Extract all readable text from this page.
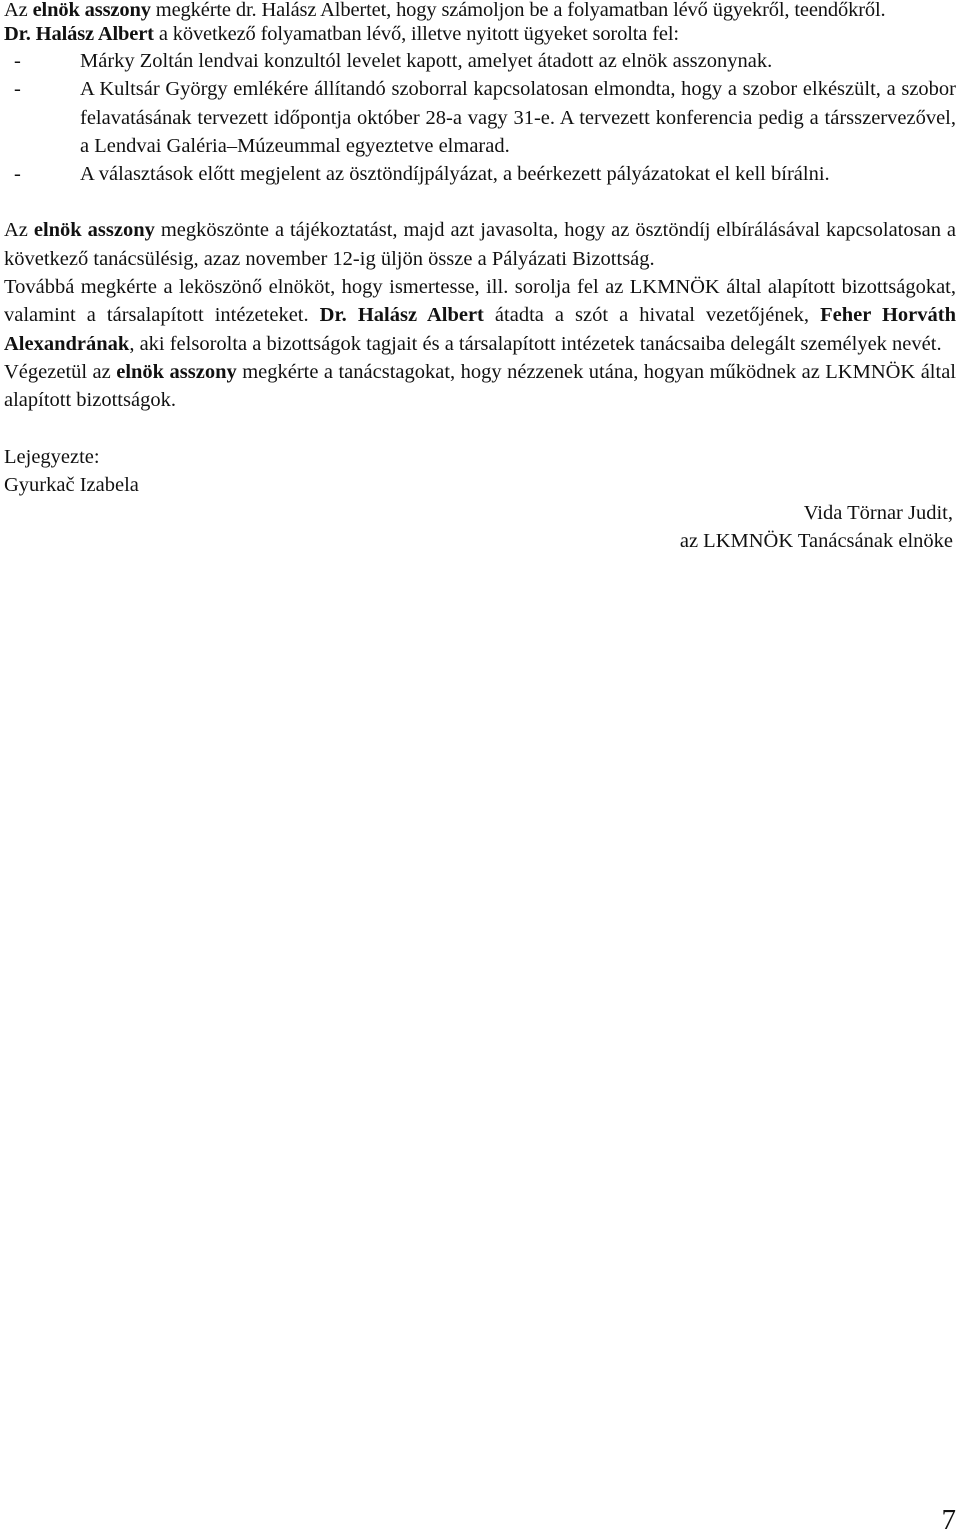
Az elnök asszony megkérte dr. Halász Albertet, hogy számoljon be a folyamatban lévő ügyekről, teendőkről.

Dr. Halász Albert a következő folyamatban lévő, illetve nyitott ügyeket sorolta fel:

-	Márky Zoltán lendvai konzultól levelet kapott, amelyet átadott az elnök asszonynak.
-	A Kultsár György emlékére állítandó szoborral kapcsolatosan elmondta, hogy a szobor elkészült, a szobor felavatásának tervezett időpontja október 28-a vagy 31-e. A tervezett konferencia pedig a társszervezővel, a Lendvai Galéria–Múzeummal egyeztetve elmarad.
-	A választások előtt megjelent az ösztöndíjpályázat, a beérkezett pályázatokat el kell bírálni.

Az elnök asszony megköszönte a tájékoztatást, majd azt javasolta, hogy az ösztöndíj elbírálásával kapcsolatosan a következő tanácsülésig, azaz november 12-ig üljön össze a Pályázati Bizottság.

Továbbá megkérte a leköszönő elnököt, hogy ismertesse, ill. sorolja fel az LKMNÖK által alapított bizottságokat, valamint a társalapított intézeteket. Dr. Halász Albert átadta a szót a hivatal vezetőjének, Feher Horváth Alexandrának, aki felsorolta a bizottságok tagjait és a társalapított intézetek tanácsaiba delegált személyek nevét.

Végezetül az elnök asszony megkérte a tanácstagokat, hogy nézzenek utána, hogyan működnek az LKMNÖK által alapított bizottságok.

Lejegyezte:

Gyurkač Izabela

Vida Törnar Judit,
az LKMNÖK Tanácsának elnöke
7
